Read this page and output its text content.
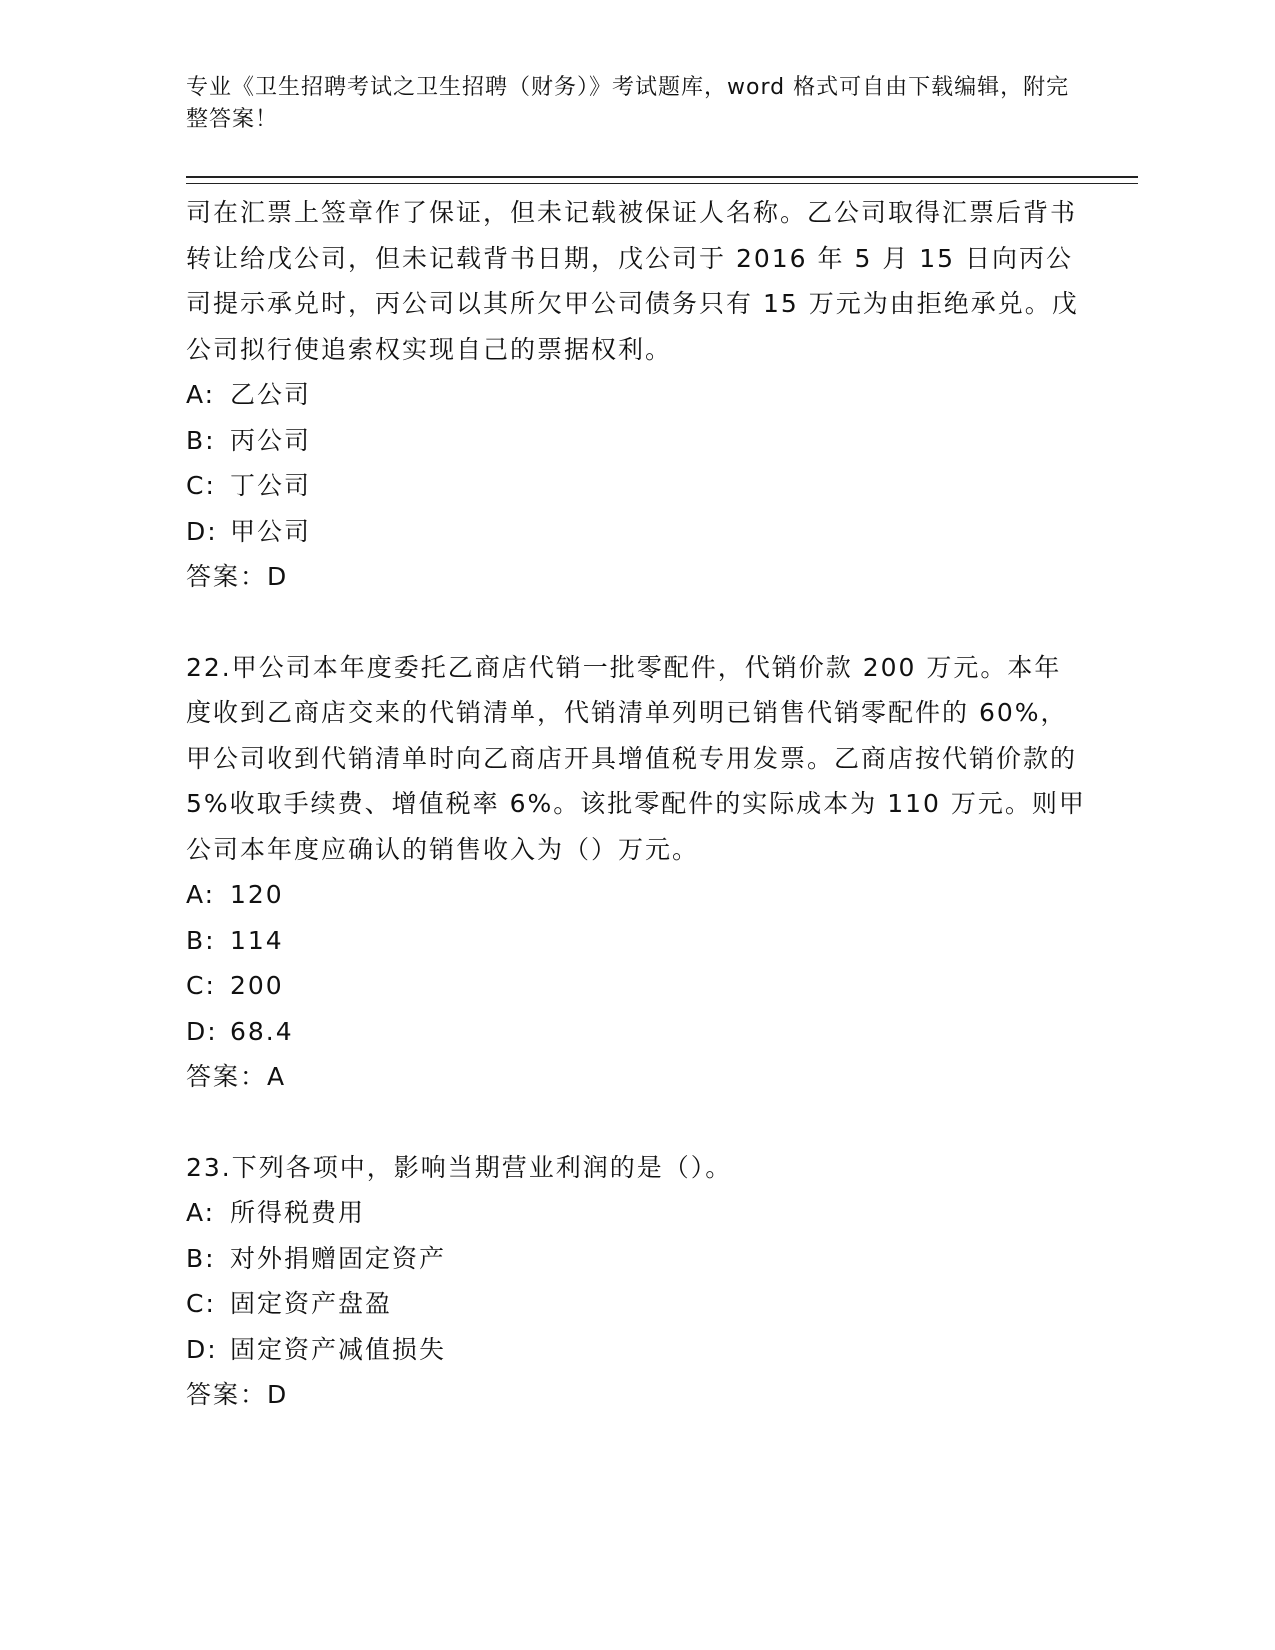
专业《卫生招聘考试之卫生招聘（财务）》考试题库，word 格式可自由下载编辑，附完整答案！

司在汇票上签章作了保证，但未记载被保证人名称。乙公司取得汇票后背书转让给戊公司，但未记载背书日期，戊公司于 2016 年 5 月 15 日向丙公司提示承兑时，丙公司以其所欠甲公司债务只有 15 万元为由拒绝承兑。戊公司拟行使追索权实现自己的票据权利。

A: 乙公司
B: 丙公司
C: 丁公司
D: 甲公司
答案：D

22.甲公司本年度委托乙商店代销一批零配件，代销价款 200 万元。本年度收到乙商店交来的代销清单，代销清单列明已销售代销零配件的 60%，甲公司收到代销清单时向乙商店开具增值税专用发票。乙商店按代销价款的 5%收取手续费、增值税率 6%。该批零配件的实际成本为 110 万元。则甲公司本年度应确认的销售收入为（）万元。

A: 120
B: 114
C: 200
D: 68.4
答案：A

23.下列各项中，影响当期营业利润的是（）。

A: 所得税费用
B: 对外捐赠固定资产
C: 固定资产盘盈
D: 固定资产减值损失
答案：D
